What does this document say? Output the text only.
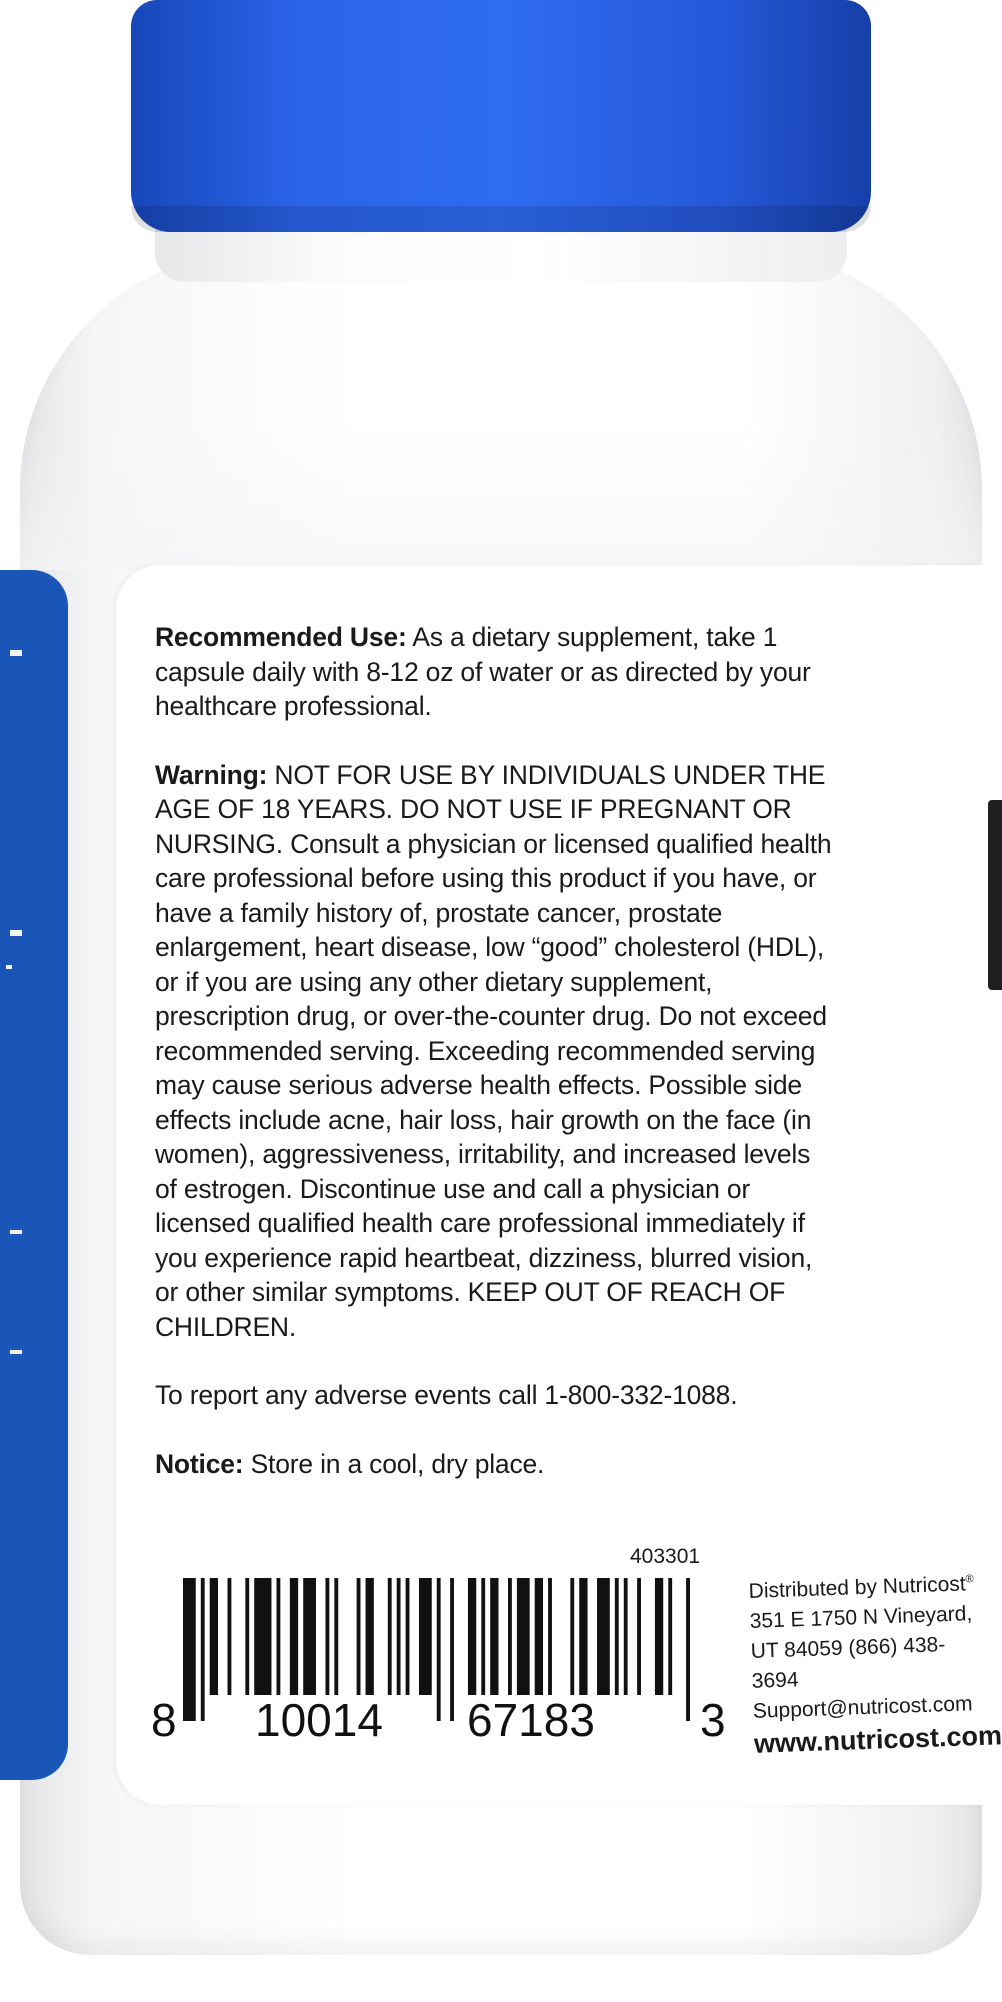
Recommended Use: As a dietary supplement, take 1 capsule daily with 8-12 oz of water or as directed by your healthcare professional.

Warning: NOT FOR USE BY INDIVIDUALS UNDER THE AGE OF 18 YEARS. DO NOT USE IF PREGNANT OR NURSING. Consult a physician or licensed qualified health care professional before using this product if you have, or have a family history of, prostate cancer, prostate enlargement, heart disease, low “good” cholesterol (HDL), or if you are using any other dietary supplement, prescription drug, or over-the-counter drug. Do not exceed recommended serving. Exceeding recommended serving may cause serious adverse health effects. Possible side effects include acne, hair loss, hair growth on the face (in women), aggressiveness, irritability, and increased levels of estrogen. Discontinue use and call a physician or licensed qualified health care professional immediately if you experience rapid heartbeat, dizziness, blurred vision, or other similar symptoms. KEEP OUT OF REACH OF CHILDREN.

To report any adverse events call 1-800-332-1088.

Notice: Store in a cool, dry place.

403301
8 10014 67183 3
Distributed by Nutricost®
351 E 1750 N Vineyard,
UT 84059 (866) 438-3694
Support@nutricost.com
www.nutricost.com
